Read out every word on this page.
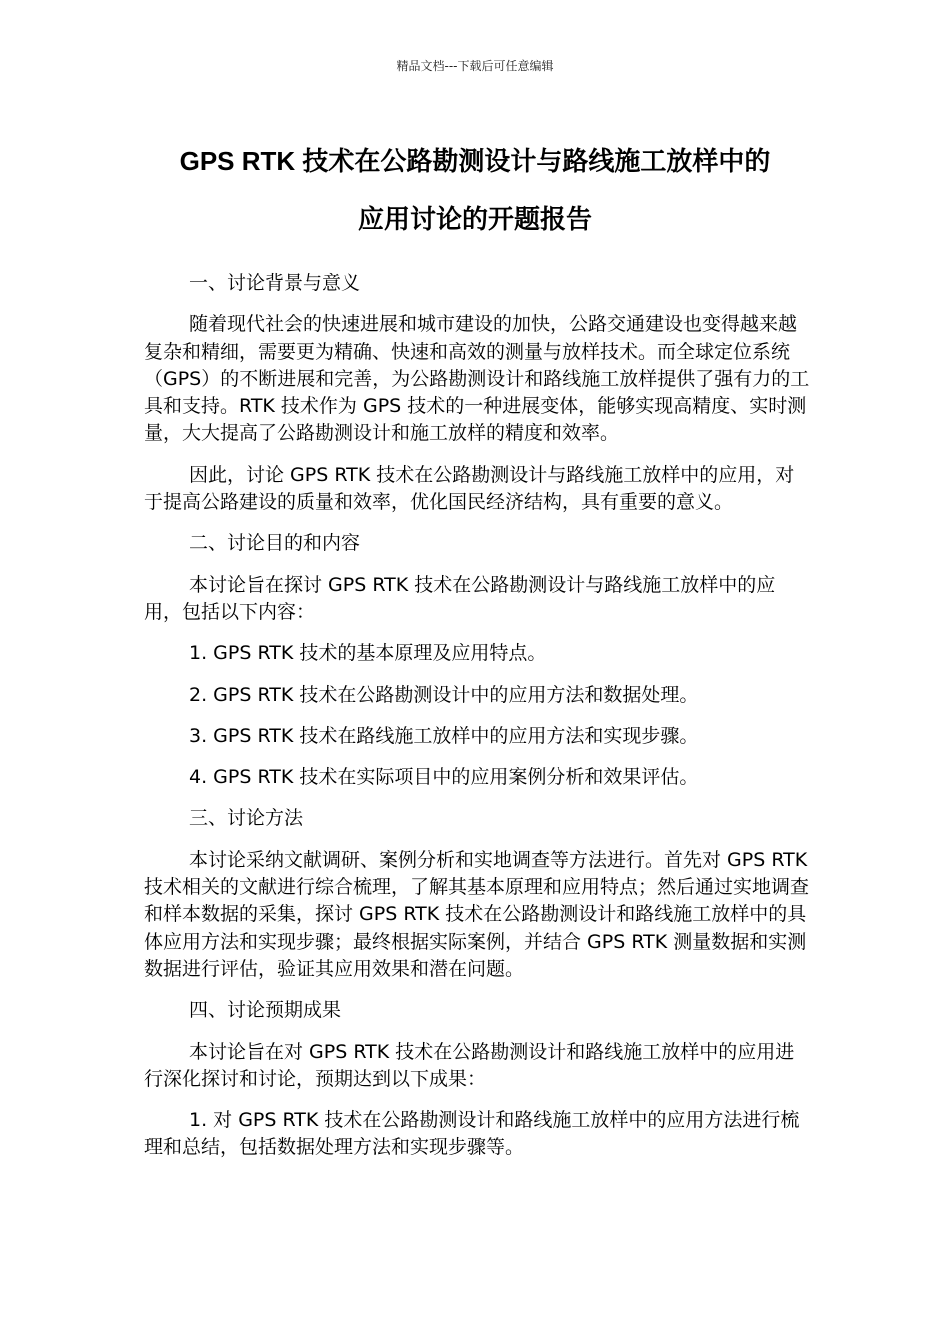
精品文档---下载后可任意编辑
GPS RTK 技术在公路勘测设计与路线施工放样中的
应用讨论的开题报告

一、讨论背景与意义

随着现代社会的快速进展和城市建设的加快，公路交通建设也变得越来越复杂和精细，需要更为精确、快速和高效的测量与放样技术。而全球定位系统（GPS）的不断进展和完善，为公路勘测设计和路线施工放样提供了强有力的工具和支持。RTK 技术作为 GPS 技术的一种进展变体，能够实现高精度、实时测量，大大提高了公路勘测设计和施工放样的精度和效率。

因此，讨论 GPS RTK 技术在公路勘测设计与路线施工放样中的应用，对于提高公路建设的质量和效率，优化国民经济结构，具有重要的意义。

二、讨论目的和内容

本讨论旨在探讨 GPS RTK 技术在公路勘测设计与路线施工放样中的应用，包括以下内容：

1. GPS RTK 技术的基本原理及应用特点。

2. GPS RTK 技术在公路勘测设计中的应用方法和数据处理。

3. GPS RTK 技术在路线施工放样中的应用方法和实现步骤。

4. GPS RTK 技术在实际项目中的应用案例分析和效果评估。

三、讨论方法

本讨论采纳文献调研、案例分析和实地调查等方法进行。首先对 GPS RTK 技术相关的文献进行综合梳理，了解其基本原理和应用特点；然后通过实地调查和样本数据的采集，探讨 GPS RTK 技术在公路勘测设计和路线施工放样中的具体应用方法和实现步骤；最终根据实际案例，并结合 GPS RTK 测量数据和实测数据进行评估，验证其应用效果和潜在问题。

四、讨论预期成果

本讨论旨在对 GPS RTK 技术在公路勘测设计和路线施工放样中的应用进行深化探讨和讨论，预期达到以下成果：

1. 对 GPS RTK 技术在公路勘测设计和路线施工放样中的应用方法进行梳理和总结，包括数据处理方法和实现步骤等。
